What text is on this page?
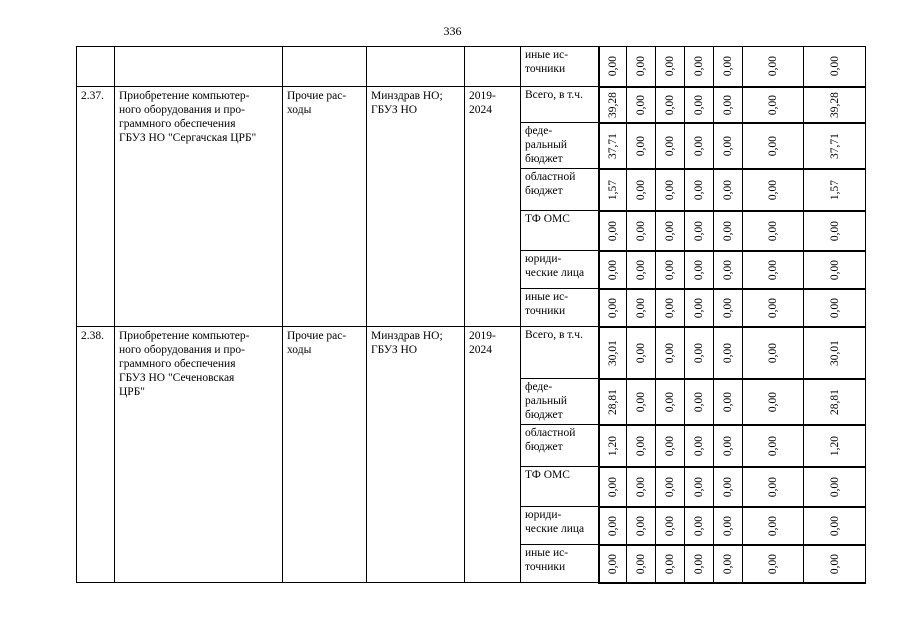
336
					иные ис-
точники	0,00	0,00	0,00	0,00	0,00	0,00	0,00

2.37.	Приобретение компьютер-
ного оборудования и про-
граммного обеспечения
ГБУЗ НО "Сергачская ЦРБ"	Прочие рас-
ходы	Минздрав НО;
ГБУЗ НО	2019-
2024	Всего, в т.ч.	39,28	0,00	0,00	0,00	0,00	0,00	39,28

					феде-
ральный
бюджет	37,71	0,00	0,00	0,00	0,00	0,00	37,71

					областной
бюджет	1,57	0,00	0,00	0,00	0,00	0,00	1,57

					ТФ ОМС	0,00	0,00	0,00	0,00	0,00	0,00	0,00

					юриди-
ческие лица	0,00	0,00	0,00	0,00	0,00	0,00	0,00

					иные ис-
точники	0,00	0,00	0,00	0,00	0,00	0,00	0,00

2.38.	Приобретение компьютер-
ного оборудования и про-
граммного обеспечения
ГБУЗ НО "Сеченовская
ЦРБ"	Прочие рас-
ходы	Минздрав НО;
ГБУЗ НО	2019-
2024	Всего, в т.ч.	30,01	0,00	0,00	0,00	0,00	0,00	30,01

					феде-
ральный
бюджет	28,81	0,00	0,00	0,00	0,00	0,00	28,81

					областной
бюджет	1,20	0,00	0,00	0,00	0,00	0,00	1,20

					ТФ ОМС	0,00	0,00	0,00	0,00	0,00	0,00	0,00

					юриди-
ческие лица	0,00	0,00	0,00	0,00	0,00	0,00	0,00

					иные ис-
точники	0,00	0,00	0,00	0,00	0,00	0,00	0,00
